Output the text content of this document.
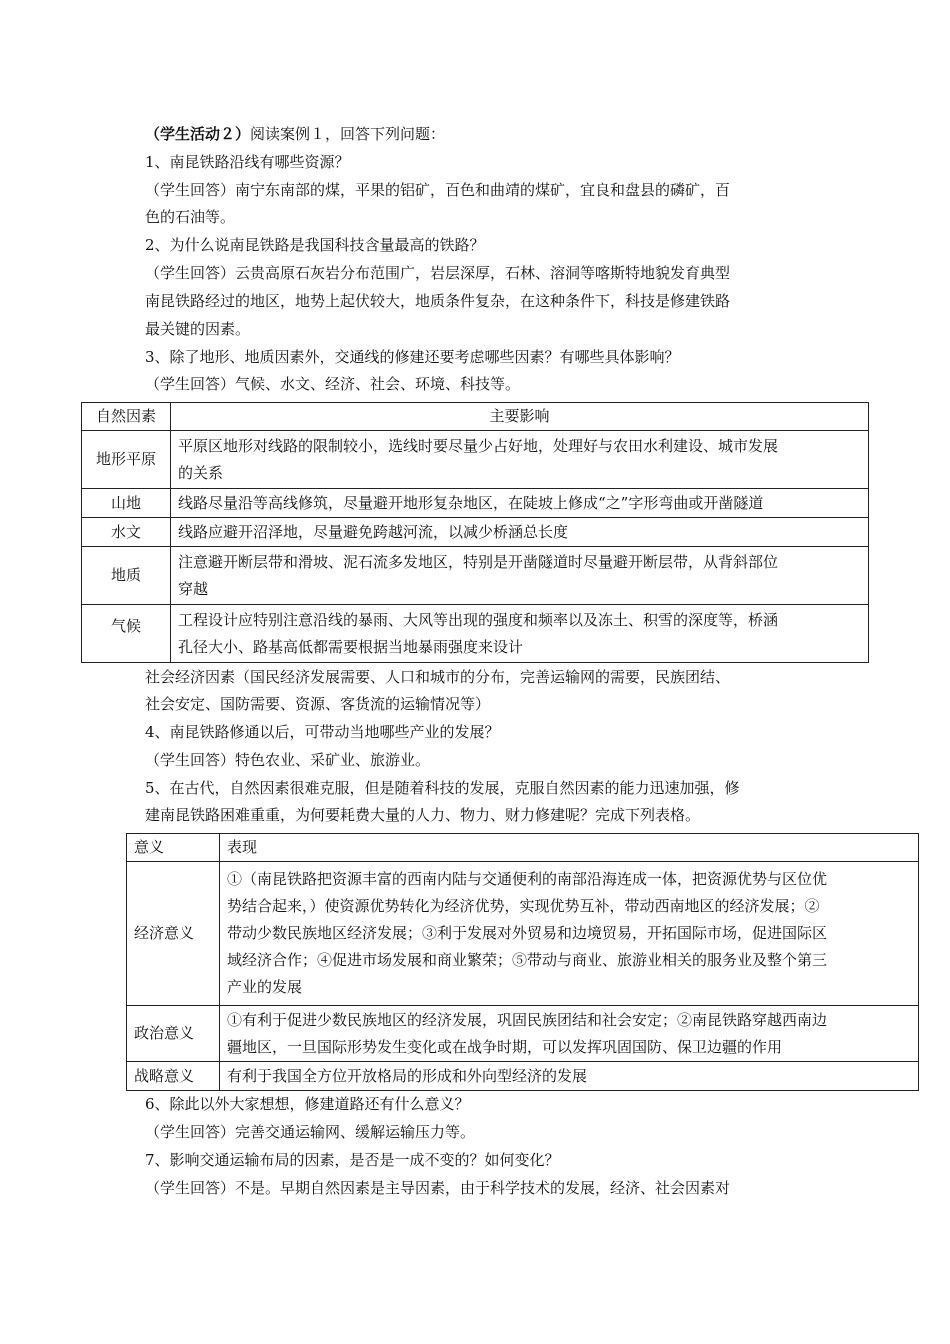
（学生活动２）阅读案例１，回答下列问题：
1、南昆铁路沿线有哪些资源？
（学生回答）南宁东南部的煤，平果的铝矿，百色和曲靖的煤矿，宜良和盘县的磷矿，百
色的石油等。
2、为什么说南昆铁路是我国科技含量最高的铁路？
（学生回答）云贵高原石灰岩分布范围广，岩层深厚，石林、溶洞等喀斯特地貌发育典型
南昆铁路经过的地区，地势上起伏较大，地质条件复杂，在这种条件下，科技是修建铁路
最关键的因素。
3、除了地形、地质因素外，交通线的修建还要考虑哪些因素？有哪些具体影响？
（学生回答）气候、水文、经济、社会、环境、科技等。
自然因素	主要影响
地形平原	平原区地形对线路的限制较小，选线时要尽量少占好地，处理好与农田水利建设、城市发展
的关系

山地	线路尽量沿等高线修筑，尽量避开地形复杂地区，在陡坡上修成“之”字形弯曲或开凿隧道

水文	线路应避开沼泽地，尽量避免跨越河流，以减少桥涵总长度

地质	注意避开断层带和滑坡、泥石流多发地区，特别是开凿隧道时尽量避开断层带，从背斜部位
穿越

气候	工程设计应特别注意沿线的暴雨、大风等出现的强度和频率以及冻土、积雪的深度等，桥涵
孔径大小、路基高低都需要根据当地暴雨强度来设计
社会经济因素（国民经济发展需要、人口和城市的分布，完善运输网的需要，民族团结、
社会安定、国防需要、资源、客货流的运输情况等）
4、南昆铁路修通以后，可带动当地哪些产业的发展？
（学生回答）特色农业、采矿业、旅游业。
5、在古代，自然因素很难克服，但是随着科技的发展，克服自然因素的能力迅速加强，修
建南昆铁路困难重重，为何要耗费大量的人力、物力、财力修建呢？完成下列表格。
意义	表现
经济意义	①（南昆铁路把资源丰富的西南内陆与交通便利的南部沿海连成一体，把资源优势与区位优
势结合起来，）使资源优势转化为经济优势，实现优势互补，带动西南地区的经济发展；②
带动少数民族地区经济发展；③利于发展对外贸易和边境贸易，开拓国际市场，促进国际区
域经济合作；④促进市场发展和商业繁荣；⑤带动与商业、旅游业相关的服务业及整个第三
产业的发展

政治意义	①有利于促进少数民族地区的经济发展，巩固民族团结和社会安定；②南昆铁路穿越西南边
疆地区，一旦国际形势发生变化或在战争时期，可以发挥巩固国防、保卫边疆的作用

战略意义	有利于我国全方位开放格局的形成和外向型经济的发展
6、除此以外大家想想，修建道路还有什么意义？
（学生回答）完善交通运输网、缓解运输压力等。
7、影响交通运输布局的因素，是否是一成不变的？如何变化？
（学生回答）不是。早期自然因素是主导因素，由于科学技术的发展，经济、社会因素对
